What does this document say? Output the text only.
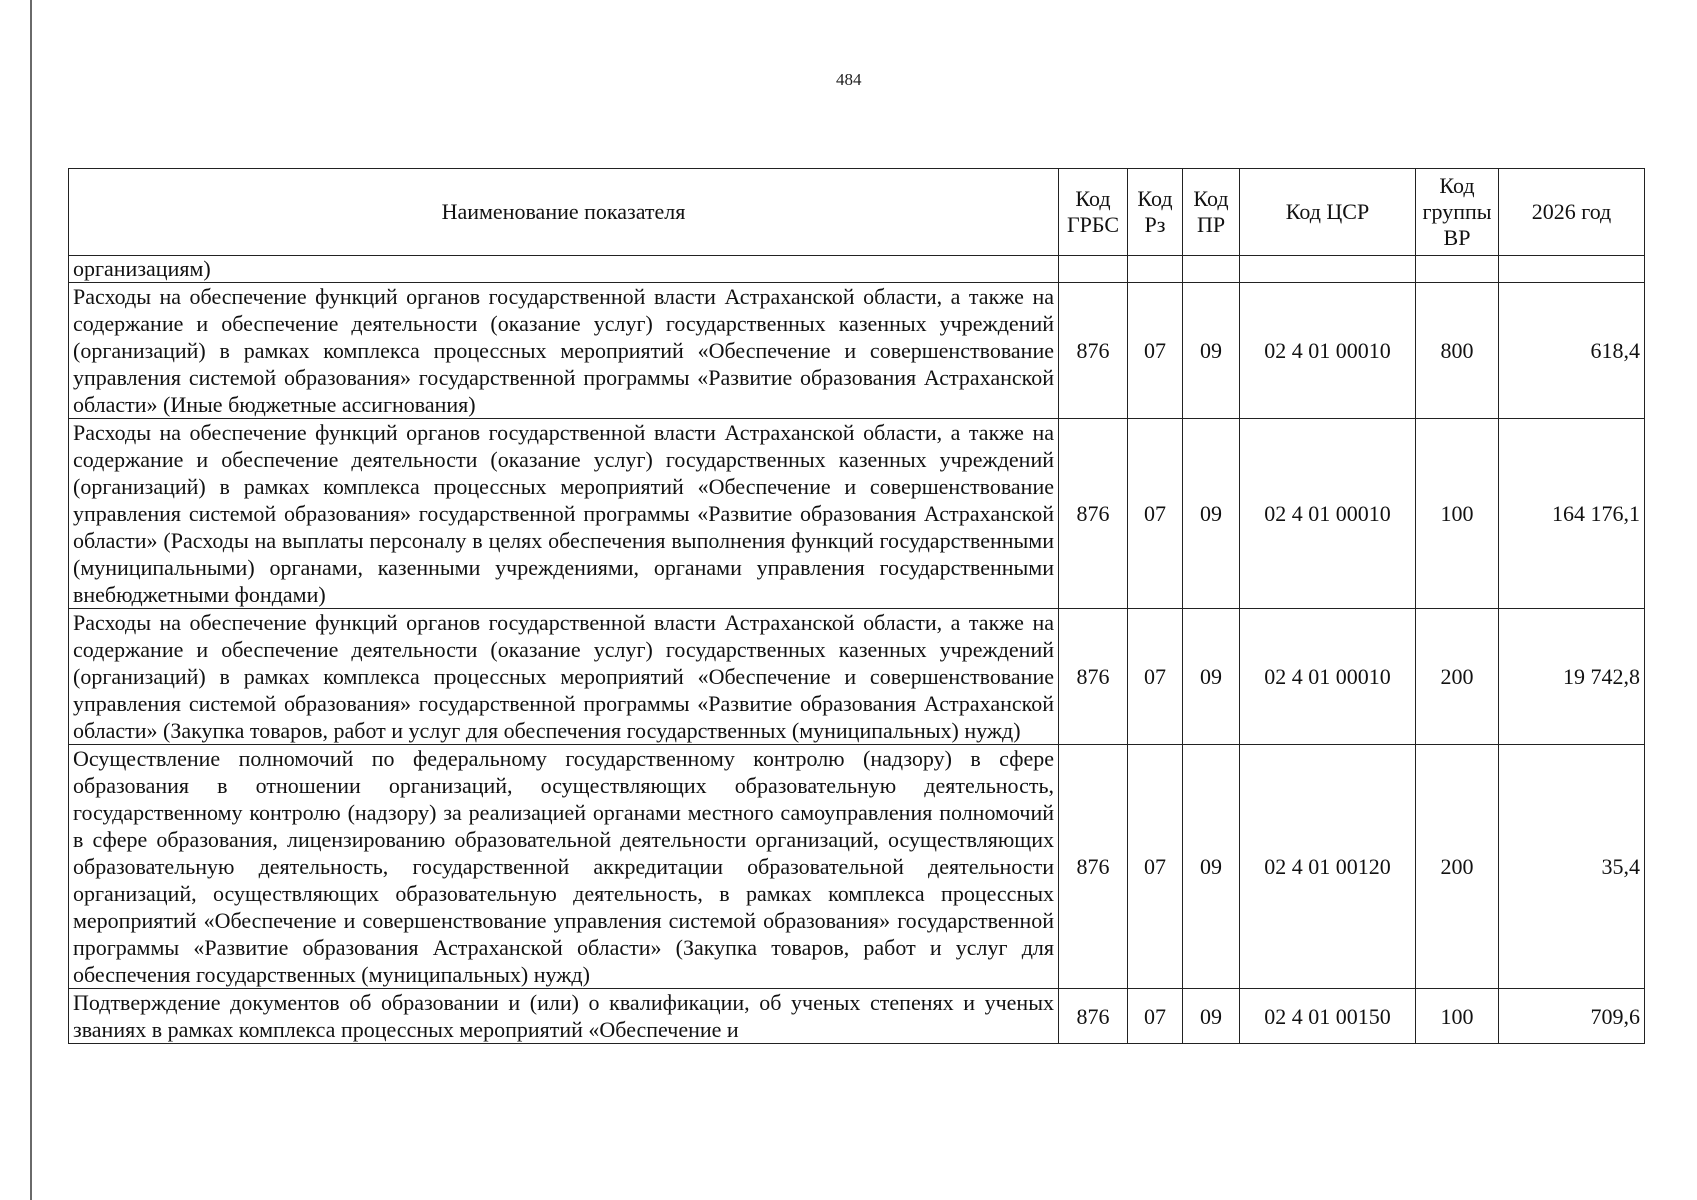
484
Наименование показателя	Код ГРБС	Код Рз	Код ПР	Код ЦСР	Код группы ВР	2026 год
организациям)						
Расходы на обеспечение функций органов государственной власти Астраханской области, а также на содержание и обеспечение деятельности (оказание услуг) государственных казенных учреждений (организаций) в рамках комплекса процессных мероприятий «Обеспечение и совершенствование управления системой образования» государственной программы «Развитие образования Астраханской области» (Иные бюджетные ассигнования)	876	07	09	02 4 01 00010	800	618,4
Расходы на обеспечение функций органов государственной власти Астраханской области, а также на содержание и обеспечение деятельности (оказание услуг) государственных казенных учреждений (организаций) в рамках комплекса процессных мероприятий «Обеспечение и совершенствование управления системой образования» государственной программы «Развитие образования Астраханской области» (Расходы на выплаты персоналу в целях обеспечения выполнения функций государственными (муниципальными) органами, казенными учреждениями, органами управления государственными внебюджетными фондами)	876	07	09	02 4 01 00010	100	164 176,1
Расходы на обеспечение функций органов государственной власти Астраханской области, а также на содержание и обеспечение деятельности (оказание услуг) государственных казенных учреждений (организаций) в рамках комплекса процессных мероприятий «Обеспечение и совершенствование управления системой образования» государственной программы «Развитие образования Астраханской области» (Закупка товаров, работ и услуг для обеспечения государственных (муниципальных) нужд)	876	07	09	02 4 01 00010	200	19 742,8
Осуществление полномочий по федеральному государственному контролю (надзору) в сфере образования в отношении организаций, осуществляющих образовательную деятельность, государственному контролю (надзору) за реализацией органами местного самоуправления полномочий в сфере образования, лицензированию образовательной деятельности организаций, осуществляющих образовательную деятельность, государственной аккредитации образовательной деятельности организаций, осуществляющих образовательную деятельность, в рамках комплекса процессных мероприятий «Обеспечение и совершенствование управления системой образования» государственной программы «Развитие образования Астраханской области» (Закупка товаров, работ и услуг для обеспечения государственных (муниципальных) нужд)	876	07	09	02 4 01 00120	200	35,4
Подтверждение документов об образовании и (или) о квалификации, об ученых степенях и ученых званиях в рамках комплекса процессных мероприятий «Обеспечение и	876	07	09	02 4 01 00150	100	709,6
